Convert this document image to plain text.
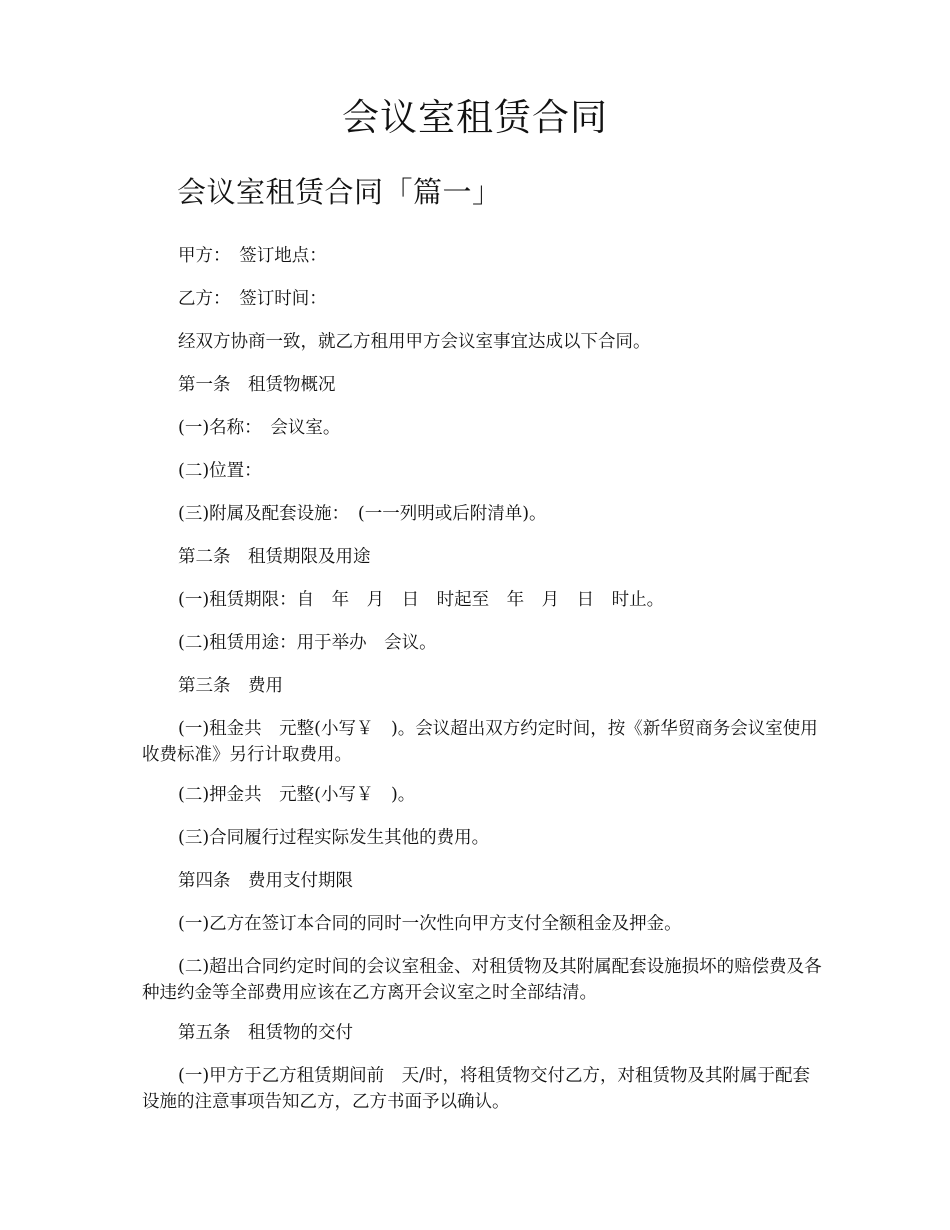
会议室租赁合同
会议室租赁合同「篇一」

甲方：　签订地点：

乙方：　签订时间：

经双方协商一致，就乙方租用甲方会议室事宜达成以下合同。

第一条　租赁物概况

(一)名称：　会议室。

(二)位置：

(三)附属及配套设施：　(一一列明或后附清单)。

第二条　租赁期限及用途

(一)租赁期限：自　年　月　日　时起至　年　月　日　时止。

(二)租赁用途：用于举办　会议。

第三条　费用

(一)租金共　元整(小写￥　)。会议超出双方约定时间，按《新华贸商务会议室使用收费标准》另行计取费用。

(二)押金共　元整(小写￥　)。

(三)合同履行过程实际发生其他的费用。

第四条　费用支付期限

(一)乙方在签订本合同的同时一次性向甲方支付全额租金及押金。

(二)超出合同约定时间的会议室租金、对租赁物及其附属配套设施损坏的赔偿费及各种违约金等全部费用应该在乙方离开会议室之时全部结清。

第五条　租赁物的交付

(一)甲方于乙方租赁期间前　天/时，将租赁物交付乙方，对租赁物及其附属于配套设施的注意事项告知乙方，乙方书面予以确认。
